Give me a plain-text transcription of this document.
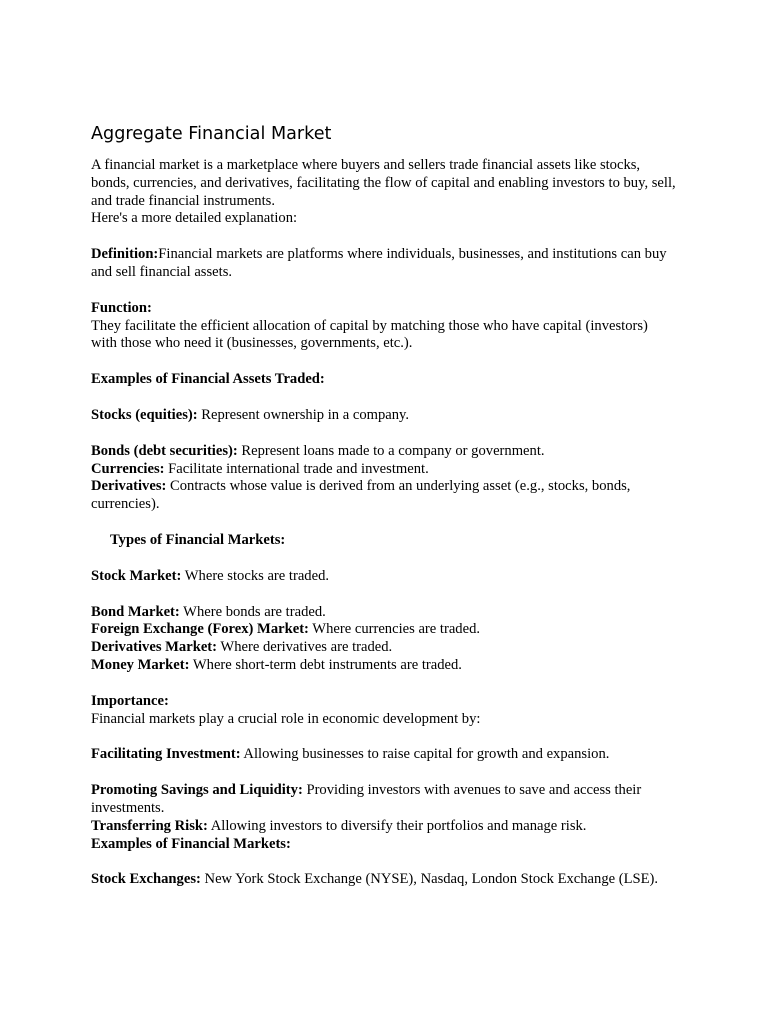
Aggregate Financial Market

A financial market is a marketplace where buyers and sellers trade financial assets like stocks, bonds, currencies, and derivatives, facilitating the flow of capital and enabling investors to buy, sell, and trade financial instruments.

Here's a more detailed explanation:

Definition:Financial markets are platforms where individuals, businesses, and institutions can buy and sell financial assets.

Function:

They facilitate the efficient allocation of capital by matching those who have capital (investors) with those who need it (businesses, governments, etc.).

Examples of Financial Assets Traded:

Stocks (equities): Represent ownership in a company.

Bonds (debt securities): Represent loans made to a company or government.

Currencies: Facilitate international trade and investment.

Derivatives: Contracts whose value is derived from an underlying asset (e.g., stocks, bonds, currencies).

Types of Financial Markets:

Stock Market: Where stocks are traded.

Bond Market: Where bonds are traded.

Foreign Exchange (Forex) Market: Where currencies are traded.

Derivatives Market: Where derivatives are traded.

Money Market: Where short-term debt instruments are traded.

Importance:

Financial markets play a crucial role in economic development by:

Facilitating Investment: Allowing businesses to raise capital for growth and expansion.

Promoting Savings and Liquidity: Providing investors with avenues to save and access their investments.

Transferring Risk: Allowing investors to diversify their portfolios and manage risk.

Examples of Financial Markets:

Stock Exchanges: New York Stock Exchange (NYSE), Nasdaq, London Stock Exchange (LSE).
